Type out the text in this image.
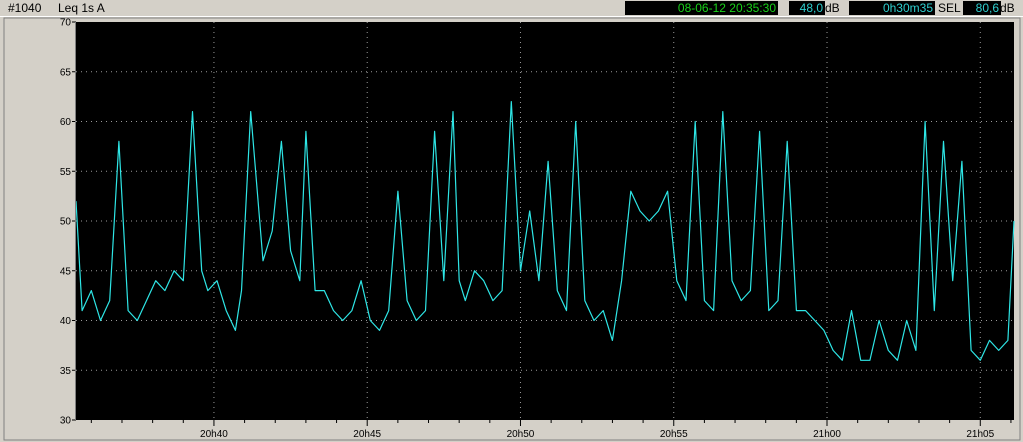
#1040 Leq 1s A	08-06-12 20:35:30	48,0 dB	0h30m35 SEL	80,6 dB
30
35
40
45
50
55
60
65
70
20h40	20h45	20h50	20h55	21h00	21h05
